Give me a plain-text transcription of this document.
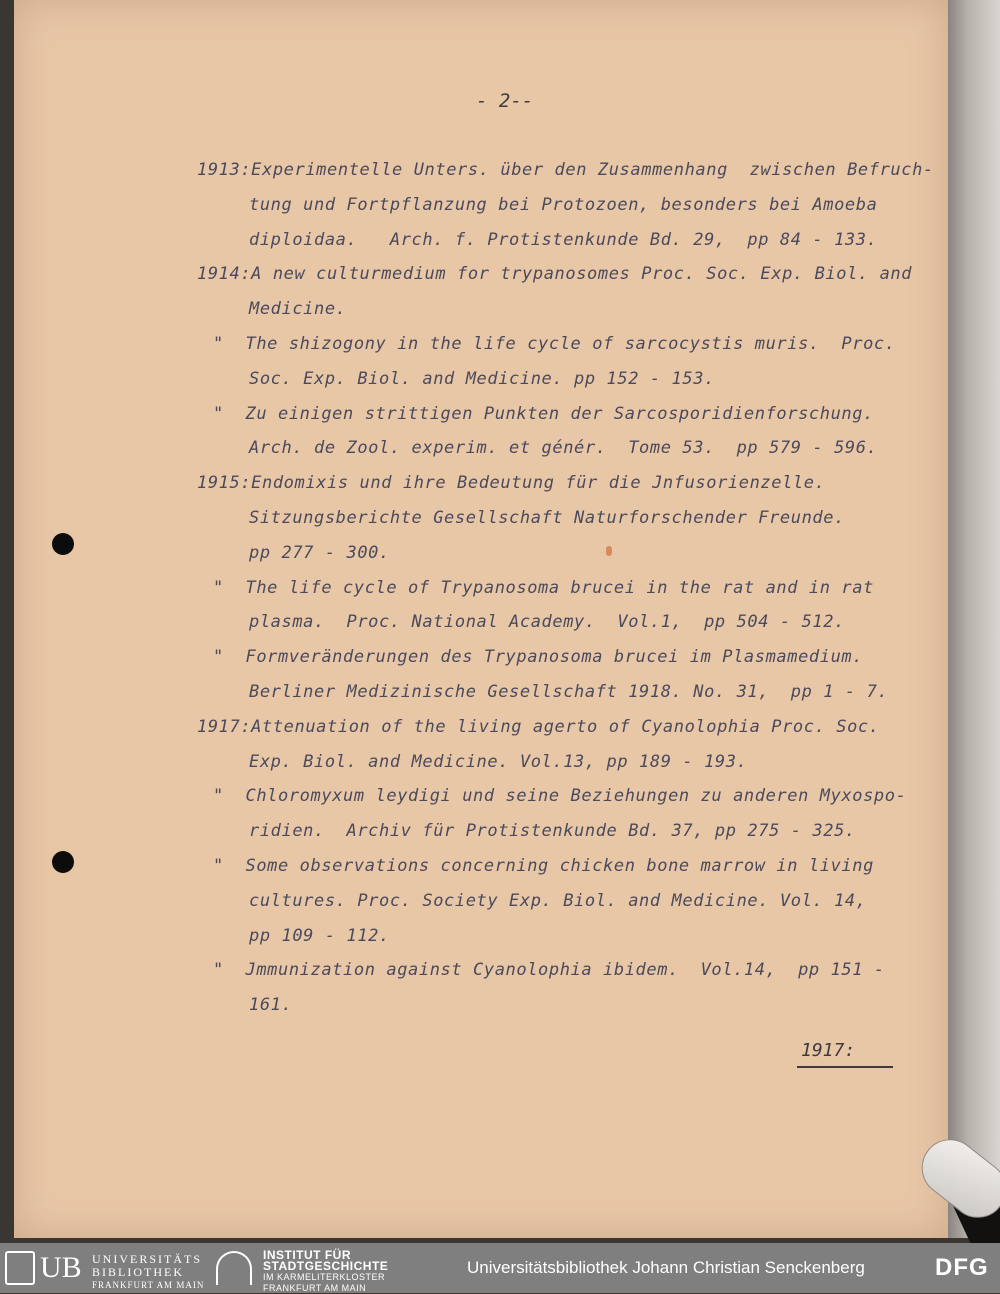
- 2--
1913:Experimentelle Unters. über den Zusammenhang  zwischen Befruch-
tung und Fortpflanzung bei Protozoen, besonders bei Amoeba
diploidaa.   Arch. f. Protistenkunde Bd. 29,  pp 84 - 133.
1914:A new culturmedium for trypanosomes Proc. Soc. Exp. Biol. and
Medicine.
"  The shizogony in the life cycle of sarcocystis muris.  Proc.
Soc. Exp. Biol. and Medicine. pp 152 - 153.
"  Zu einigen strittigen Punkten der Sarcosporidienforschung.
Arch. de Zool. experim. et génér.  Tome 53.  pp 579 - 596.
1915:Endomixis und ihre Bedeutung für die Jnfusorienzelle.
Sitzungsberichte Gesellschaft Naturforschender Freunde.
pp 277 - 300.
"  The life cycle of Trypanosoma brucei in the rat and in rat
plasma.  Proc. National Academy.  Vol.1,  pp 504 - 512.
"  Formveränderungen des Trypanosoma brucei im Plasmamedium.
Berliner Medizinische Gesellschaft 1918. No. 31,  pp 1 - 7.
1917:Attenuation of the living agerto of Cyanolophia Proc. Soc.
Exp. Biol. and Medicine. Vol.13, pp 189 - 193.
"  Chloromyxum leydigi und seine Beziehungen zu anderen Myxospo-
ridien.  Archiv für Protistenkunde Bd. 37, pp 275 - 325.
"  Some observations concerning chicken bone marrow in living
cultures. Proc. Society Exp. Biol. and Medicine. Vol. 14,
pp 109 - 112.
"  Jmmunization against Cyanolophia ibidem.  Vol.14,  pp 151 -
161.
1917:
UB UNIVERSITÄTS
BIBLIOTHEK
FRANKFURT AM MAIN
INSTITUT FÜR
STADTGESCHICHTE
IM KARMELITERKLOSTER
FRANKFURT AM MAIN
Universitätsbibliothek Johann Christian Senckenberg	DFG
